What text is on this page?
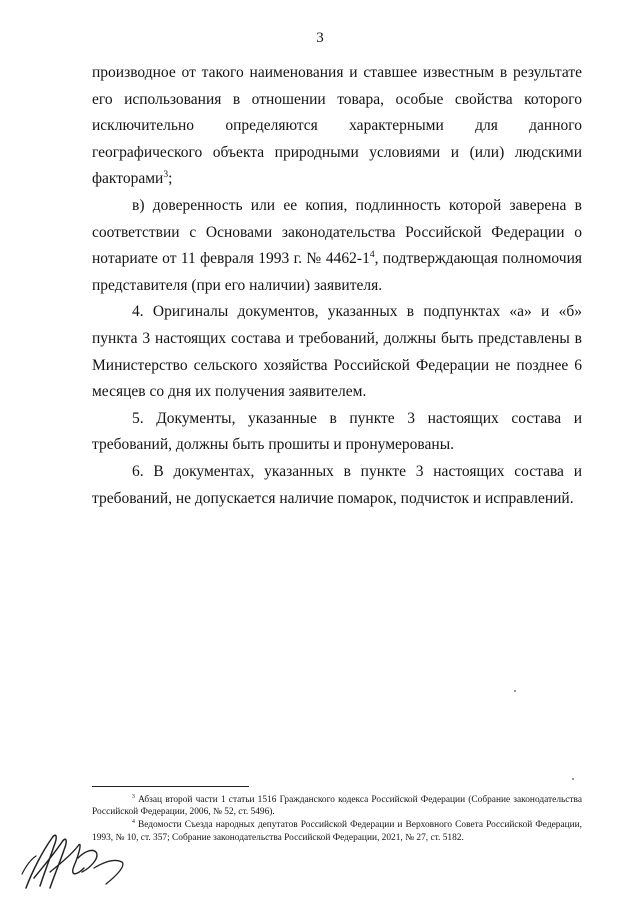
3

производное от такого наименования и ставшее известным в результате его использования в отношении товара, особые свойства которого исключительно определяются характерными для данного географического объекта природными условиями и (или) людскими факторами$^3$;

в) доверенность или ее копия, подлинность которой заверена в соответствии с Основами законодательства Российской Федерации о нотариате от 11 февраля 1993 г. № $4462-1^4$, подтверждающая полномочия представителя (при его наличии) заявителя.

4. Оригиналы документов, указанных в подпунктах «а» и «б» пункта 3 настоящих состава и требований, должны быть представлены в Министерство сельского хозяйства Российской Федерации не позднее 6 месяцев со дня их получения заявителем.

5. Документы, указанные в пункте 3 настоящих состава и требований, должны быть прошиты и пронумерованы.

6. В документах, указанных в пункте 3 настоящих состава и требований, не допускается наличие помарок, подчисток и исправлений.

$^3$ Абзац второй части 1 статьи 1516 Гражданского кодекса Российской Федерации (Собрание законодательства Российской Федерации, 2006, № 52, ст. 5496).

$^4$ Ведомости Съезда народных депутатов Российской Федерации и Верховного Совета Российской Федерации, 1993, № 10, ст. 357; Собрание законодательства Российской Федерации, 2021, № 27, ст. 5182.
